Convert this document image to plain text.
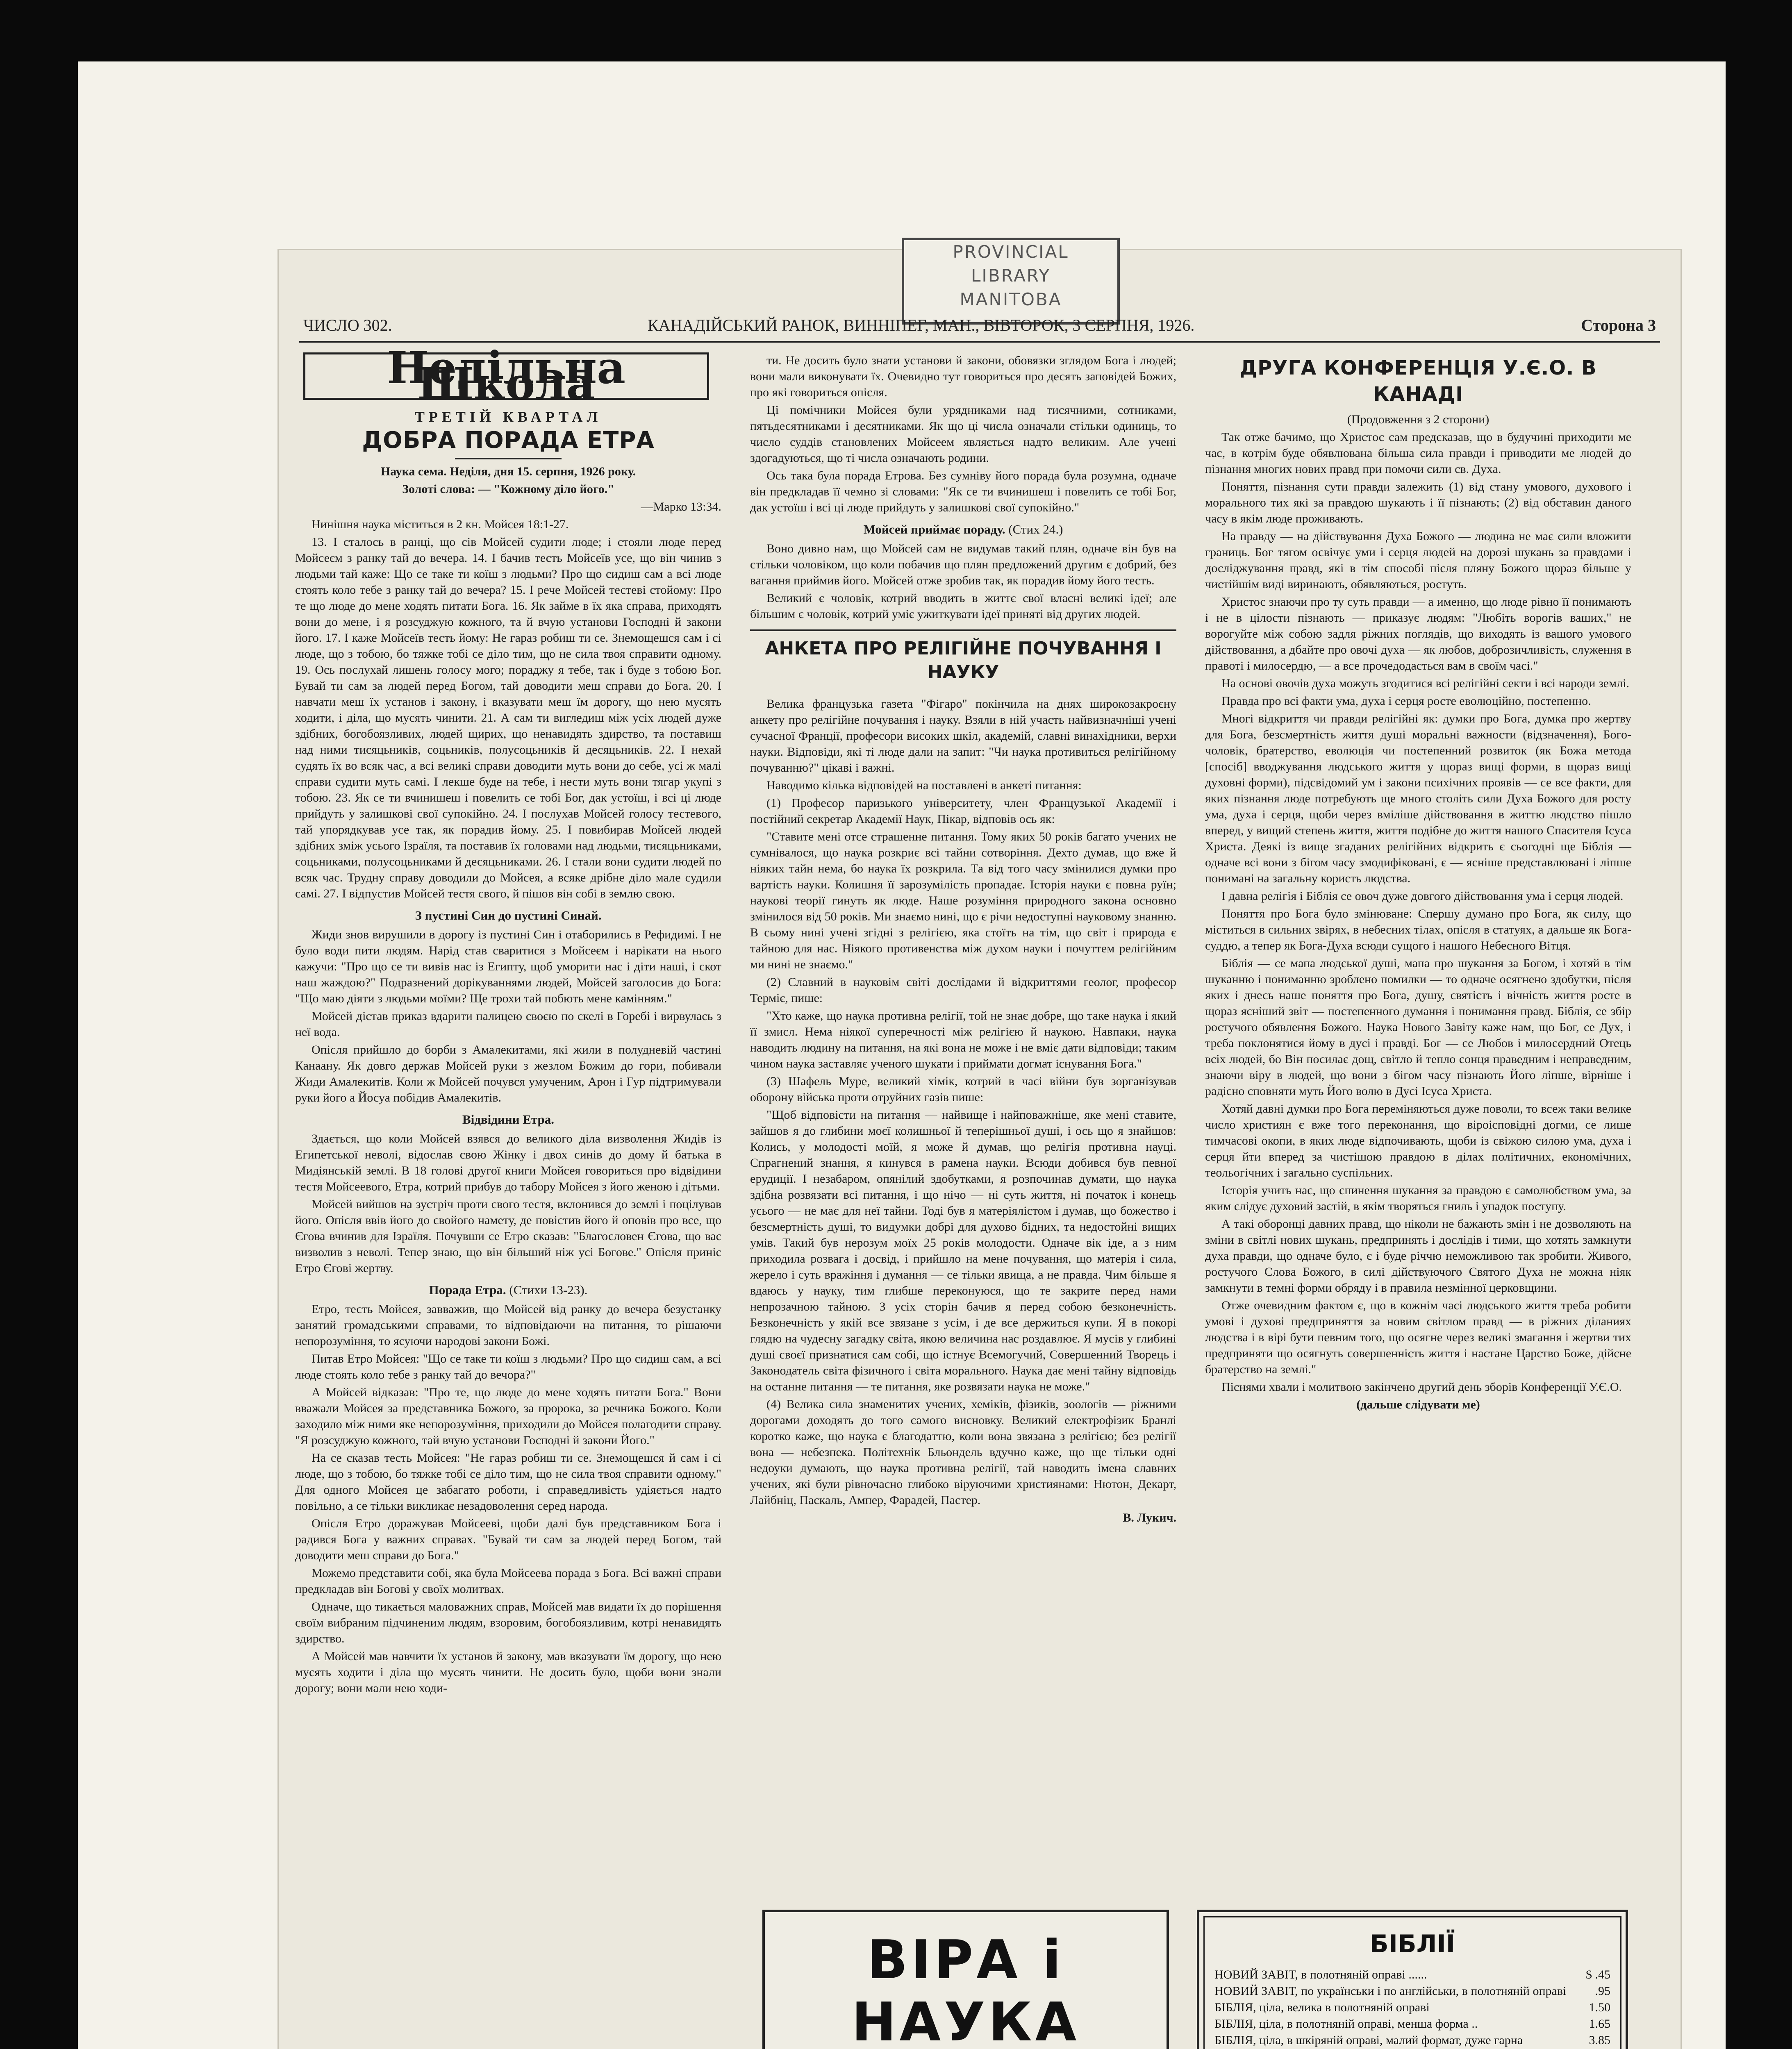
PROVINCIAL
LIBRARY
MANITOBA
ЧИСЛО 302.	КАНАДІЙСЬКИЙ РАНОК, ВИННІПЕГ, МАН., ВІВТОРОК, 3 СЕРПНЯ, 1926.	Сторона 3
Недільна Школа
ТРЕТІЙ КВАРТАЛ
ДОБРА ПОРАДА ЕТРА

Наука сема. Неділя, дня 15. серпня, 1926 року.

Золоті слова: — "Кожному ділo його."

—Марко 13:34.

Нинішня наука міститься в 2 кн. Мойсея 18:1-27.

13. І сталось в ранці, що сів Мойсей судити люде; і стояли люде перед Мойсеєм з ранку тай до вечера. 14. І бачив тесть Мойсеїв усе, що він чинив з людьми тай каже: Що се таке ти коїш з людьми? Про що сидиш сам а всі люде стоять коло тебе з ранку тай до вечера? 15. І рече Мойсей тестеві стойому: Про те що люде до мене ходять питати Бога. 16. Як займе в їх яка справа, приходять вони до мене, і я розсуджую кожного, та й вчую установи Господні й закони його. 17. І каже Мойсеїв тесть йому: Не гараз робиш ти се. Знемощешся сам і сі люде, що з тобою, бо тяжке тобі се діло тим, що не сила твоя справити одному. 19. Ось послухай лишень голосу мого; пораджу я тебе, так і буде з тобою Бог. Бувай ти сам за людей перед Богом, тай доводити меш справи до Бога. 20. І навчати меш їх установ і закону, і вказувати меш їм дорогу, що нею мусять ходити, і діла, що мусять чинити. 21. А сам ти вигледиш між усіх людей дуже здібних, богобоязливих, людей щирих, що ненавидять здирство, та поставиш над ними тисяцьників, соцьників, полусоцьників й десяцьників. 22. І нехай судять їх во всяк час, а всі великі справи доводити муть вони до себе, усі ж малі справи судити муть самі. І лекше буде на тебе, і нести муть вони тягар укупі з тобою. 23. Як се ти вчинишеш і повелить се тобі Бог, дак устоїш, і всі ці люде прийдуть у залишкові свої супокійно. 24. І послухав Мойсей голосу тестевого, тай упорядкував усе так, як порадив йому. 25. І повибирав Мойсей людей здібних зміж усього Ізраїля, та поставив їх головами над людьми, тисяцьниками, соцьниками, полусоцьниками й десяцьниками. 26. І стали вони судити людей по всяк час. Трудну справу доводили до Мойсея, а всяке дрібне діло мале судили самі. 27. І відпустив Мойсей тестя свого, й пішов він собі в землю свою.

З пустині Син до пустині Синай.

Жиди знов вирушили в дорогу із пустині Син і отаборились в Рефидимі. І не було води пити людям. Нарід став сваритися з Мойсеєм і нарікати на нього кажучи: "Про що се ти вивів нас із Египту, щоб уморити нас і діти наші, і скот наш жаждою?" Подразнений дорікуваннями людей, Мойсей заголосив до Бога: "Що маю діяти з людьми моїми? Ще трохи тай побють мене камінням."

Мойсей дістав приказ вдарити палицею своєю по скелі в Горебі і вирвулась з неї вода.

Опісля прийшло до борби з Амалекитами, які жили в полудневій частині Канаану. Як довго держав Мойсей руки з жезлом Божим до гори, побивали Жиди Амалекитів. Коли ж Мойсей почувся умученим, Арон і Гур підтримували руки його а Йосуа побідив Амалекитів.

Відвідини Етра.

Здається, що коли Мойсей взявся до великого діла визволення Жидів із Египетської неволі, відослав свою Жінку і двох синів до дому й батька в Мидіянській землі. В 18 голові другої книги Мойсея говориться про відвідини тестя Мойсеевого, Етра, котрий прибув до табору Мойсея з його женою і дітьми.

Мойсей вийшов на зустріч проти свого тестя, вклонився до землі і поцілував його. Опісля ввів його до свойого намету, де повістив його й оповів про все, що Єгова вчинив для Ізраїля. Почувши се Етро сказав: "Благословен Єгова, що вас визволив з неволі. Тепер знаю, що він більший ніж усі Богове." Опісля приніс Етро Єгові жертву.

Порада Етра. (Стихи 13-23).

Етро, тесть Мойсея, завважив, що Мойсей від ранку до вечера безустанку занятий громадськими справами, то відповідаючи на питання, то рішаючи непорозуміння, то ясуючи народові закони Божі.

Питав Етро Мойсея: "Що се таке ти коїш з людьми? Про що сидиш сам, а всі люде стоять коло тебе з ранку тай до вечора?"

А Мойсей відказав: "Про те, що люде до мене ходять питати Бога." Вони вважали Мойсея за представника Божого, за пророка, за речника Божого. Коли заходило між ними яке непорозуміння, приходили до Мойсея полагодити справу. "Я розсуджую кожного, тай вчую установи Господні й закони Його."

На се сказав тесть Мойсея: "Не гараз робиш ти се. Знемощешся й сам і сі люде, що з тобою, бо тяжке тобі се діло тим, що не сила твоя справити одному." Для одного Мойсея це забагато роботи, і справедливість удіяється надто повільно, а се тільки викликає незадоволення серед народа.

Опісля Етро доражував Мойсееві, щоби далі був представником Бога і радився Бога у важних справах. "Бувай ти сам за людей перед Богом, тай доводити меш справи до Бога."

Можемо представити собі, яка була Мойсеева порада з Бога. Всі важні справи предкладав він Богові у своїх молитвах.

Одначе, що тикається маловажних справ, Мойсей мав видати їх до порішення своїм вибраним підчиненим людям, взоровим, богобоязливим, котрі ненавидять здирство.

А Мойсей мав навчити їх установ й закону, мав вказувати їм дорогу, що нею мусять ходити і діла що мусять чинити. Не досить було, щоби вони знали дорогу; вони мали нею ходи-

ти. Не досить було знати установи й закони, обовязки зглядом Бога і людей; вони мали виконувати їх. Очевидно тут говориться про десять заповідей Божих, про які говориться опісля.

Ці помічники Мойсея були урядниками над тисячними, сотниками, пятьдесятниками і десятниками. Як що ці числа означали стільки одиниць, то число суддів становлених Мойсеем являється надто великим. Але учені здогадуються, що ті числа означають родини.

Ось така була порада Етрова. Без сумніву його порада була розумна, одначе він предкладав її чемно зі словами: "Як се ти вчинишеш і повелить се тобі Бог, дак устоїш і всі ці люде прийдуть у залишкові свої супокійно."

Мойсей приймає пораду. (Стих 24.)

Воно дивно нам, що Мойсей сам не видумав такий плян, одначе він був на стільки чоловіком, що коли побачив що плян предложений другим є добрий, без вагання приймив його. Мойсей отже зробив так, як порадив йому його тесть.

Великий є чоловік, котрий вводить в життє свої власні великі ідеї; але більшим є чоловік, котрий уміє ужиткувати ідеї приняті від других людей.

АНКЕТА ПРО РЕЛІГІЙНЕ ПОЧУВАННЯ І НАУКУ

Велика французька газета "Фігаро" покінчила на днях широкозакроєну анкету про релігійне почування і науку. Взяли в ній участь найвизначніші учені сучасної Франції, професори високих шкіл, академій, славні винахідники, верхи науки. Відповіди, які ті люде дали на запит: "Чи наука противиться релігійному почуванню?" цікаві і важні.

Наводимо кілька відповідей на поставлені в анкеті питання:

(1) Професор паризького університету, член Французької Академії і постійний секретар Академії Наук, Пікар, відповів ось як:

"Ставите мені отсе страшенне питання. Тому яких 50 років багато учених не сумнівалося, що наука розкриє всі тайни сотворіння. Дехто думав, що вже й ніяких тайн нема, бо наука їх розкрила. Та від того часу змінилися думки про вартість науки. Колишня її зарозумілість пропадає. Історія науки є повна руїн; наукові теорії гинуть як люде. Наше розуміння природного закона основно змінилося від 50 років. Ми знаємо нині, що є річи недоступні науковому знанню. В сьому нині учені згідні з релігією, яка стоїть на тім, що світ і природа є тайною для нас. Ніякого противенства між духом науки і почуттем релігійним ми нині не знаємо."

(2) Славний в науковім світі дослідами й відкриттями геолог, професор Терміє, пише:

"Хто каже, що наука противна релігії, той не знає добре, що таке наука і який її змисл. Нема ніякої суперечності між релігією й наукою. Навпаки, наука наводить людину на питання, на які вона не може і не вміє дати відповіди; таким чином наука заставляє ученого шукати і приймати догмат існування Бога."

(3) Шафель Муре, великий хімік, котрий в часі війни був зорганізував оборону війська проти отруйних газів пише:

"Щоб відповісти на питання — найвище і найповажніше, яке мені ставите, зайшов я до глибини моєї колишньої й теперішньої душі, і ось що я знайшов: Колись, у молодості моїй, я може й думав, що релігія противна науці. Спрагнений знання, я кинувся в рамена науки. Всюди добився був певної ерудиції. І незабаром, опянілий здобутками, я розпочинав думати, що наука здібна розвязати всі питання, і що нічо — ні суть життя, ні початок і конець усього — не має для неї тайни. Тоді був я матеріялістом і думав, що божество і безсмертність душі, то видумки добрі для духово бідних, та недостойні вищих умів. Такий був нерозум моїх 25 років молодости. Одначе вік іде, а з ним приходила розвага і досвід, і прийшло на мене почування, що матерія і сила, жерело і суть вражіння і думання — се тільки явища, а не правда. Чим більше я вдаюсь у науку, тим глибше переконуюся, що те закрите перед нами непрозачною тайною. З усіх сторін бачив я перед собою безконечність. Безконечність у якій все звязане з усім, і де все держиться купи. Я в покорі глядю на чудесну загадку світа, якою величина нас роздавлює. Я мусів у глибині душі своєї признатися сам собі, що істнує Всемогучий, Совершенний Творець і Законодатель світа фізичного і світа морального. Наука дає мені тайну відповідь на останне питання — те питання, яке розвязати наука не може."

(4) Велика сила знаменитих учених, хеміків, фізиків, зоологів — ріжними дорогами доходять до того самого висновку. Великий електрофізик Бранлі коротко каже, що наука є благодаттю, коли вона звязана з релігією; без релігії вона — небезпека. Політехнік Бльондель вдучно каже, що ще тільки одні недоуки думають, що наука противна релігії, тай наводить імена славних учених, які були рівночасно глибоко віруючими християнами: Нютон, Декарт, Лайбніц, Паскаль, Ампер, Фарадей, Пастер.

В. Лукич.

ДРУГА КОНФЕРЕНЦІЯ У.Є.О. В КАНАДІ

(Продовження з 2 сторони)

Так отже бачимо, що Христос сам предсказав, що в будучині приходити ме час, в котрім буде обявлювана більша сила правди і приводити ме людей до пізнання многих нових правд при помочи сили св. Духа.

Поняття, пізнання сути правди залежить (1) від стану умового, духового і морального тих які за правдою шукають і її пізнають; (2) від обставин даного часу в якім люде проживають.

На правду — на дійствування Духа Божого — людина не має сили вложити границь. Бог тягом освічує уми і серця людей на дорозі шукань за правдами і досліджування правд, які в тім способі після пляну Божого щораз більше у чистійшім виді виринають, обявляються, ростуть.

Христос знаючи про ту суть правди — а именно, що люде рівно її понимають і не в цілости пізнають — приказує людям: "Любіть ворогів ваших," не ворогуйте між собою задля ріжних поглядів, що виходять із вашого умового дійствовання, а дбайте про овочі духа — як любов, доброзичливість, служення в правоті і милосердю, — а все прочедодасться вам в своїм часі."

На основі овочів духа можуть згодитися всі релігійні секти і всі народи землі.

Правда про всі факти ума, духа і серця росте еволюційно, постепенно.

Многі відкриття чи правди релігійні як: думки про Бога, думка про жертву для Бога, безсмертність життя душі моральні важности (відзначення), Бого-чоловік, братерство, еволюція чи постепенний розвиток (як Божа метода [спосіб] вводжування людського життя у щораз вищі форми, в щораз вищі духовні форми), підсвідомий ум і закони психічних проявів — се все факти, для яких пізнання люде потребують ще много століть сили Духа Божого для росту ума, духа і серця, щоби через вміліше дійствовання в життю людство пішло вперед, у вищий степень життя, життя подібне до життя нашого Спасителя Ісуса Христа. Деякі із вище згаданих релігійних відкрить є сьогодні ще Біблія — одначе всі вони з бігом часу змодифіковані, є — ясніше представлювані і ліпше понимані на загальну користь людства.

І давна релігія і Біблія се овоч дуже довгого дійствовання ума і серця людей.

Поняття про Бога було змінюване: Спершу думано про Бога, як силу, що міститься в сильних звірях, в небесних тілах, опісля в статуях, а дальше як Бога-суддю, а тепер як Бога-Духа всюди сущого і нашого Небесного Вітця.

Біблія — се мапа людської душі, мапа про шукання за Богом, і хотяй в тім шуканню і пониманню зроблено помилки — то одначе осягнено здобутки, після яких і днесь наше поняття про Бога, душу, святість і вічність життя росте в щораз ясніший звіт — постепенного думання і понимання правд. Біблія, се збір ростучого обявлення Божого. Наука Нового Завіту каже нам, що Бог, се Дух, і треба поклонятися йому в дусі і правді. Бог — се Любов і милосердний Отець всіх людей, бо Він посилає дощ, світло й тепло сонця праведним і неправедним, знаючи віру в людей, що вони з бігом часу пізнають Його ліпше, вірніше і радісно сповняти муть Його волю в Дусі Ісуса Христа.

Хотяй давні думки про Бога переміняються дуже поволи, то всеж таки велике число християн є вже того переконання, що віроісповідні догми, се лише тимчасові окопи, в яких люде відпочивають, щоби із свіжою силою ума, духа і серця йти вперед за чистішою правдою в ділах політичних, економічних, теольогічних і загально суспільних.

Історія учить нас, що спинення шукання за правдою є самолюбством ума, за яким слідує духовий застій, в якім творяться гниль і упадок поступу.

А такі оборонці давних правд, що ніколи не бажають змін і не дозволяють на зміни в світлі нових шукань, предпринять і дослідів і тими, що хотять замкнути духа правди, що одначе було, є і буде річчю неможливою так зробити. Живого, ростучого Слова Божого, в силі дійствуючого Святого Духа не можна ніяк замкнути в темні форми обряду і в правила незмінної церковщини.

Отже очевидним фактом є, що в кожнім часі людського життя треба робити умові і духові предприняття за новим світлом правд — в ріжних діланиях людства і в вірі бути певним того, що осягне через великі змагання і жертви тих предприняти що осягнуть совершенність життя і настане Царство Боже, дійсне братерство на землі."

Піснями хвали і молитвою закінчено другий день зборів Конференції У.Є.О.

(дальше слідувати ме)

ВІРА і НАУКА
БІБЛІЇ
НОВИЙ ЗАВІТ, в полотняній оправі ......	$ .45
НОВИЙ ЗАВІТ, по українськи і по англійськи, в полотняній оправі .95
БІБЛІЯ, ціла, велика в полотняній оправі	1.50
БІБЛІЯ, ціла, в полотняній оправі, менша форма ..	1.65
БІБЛІЯ, ціла, в шкіряній оправі, малий формат, дуже гарна	3.85
